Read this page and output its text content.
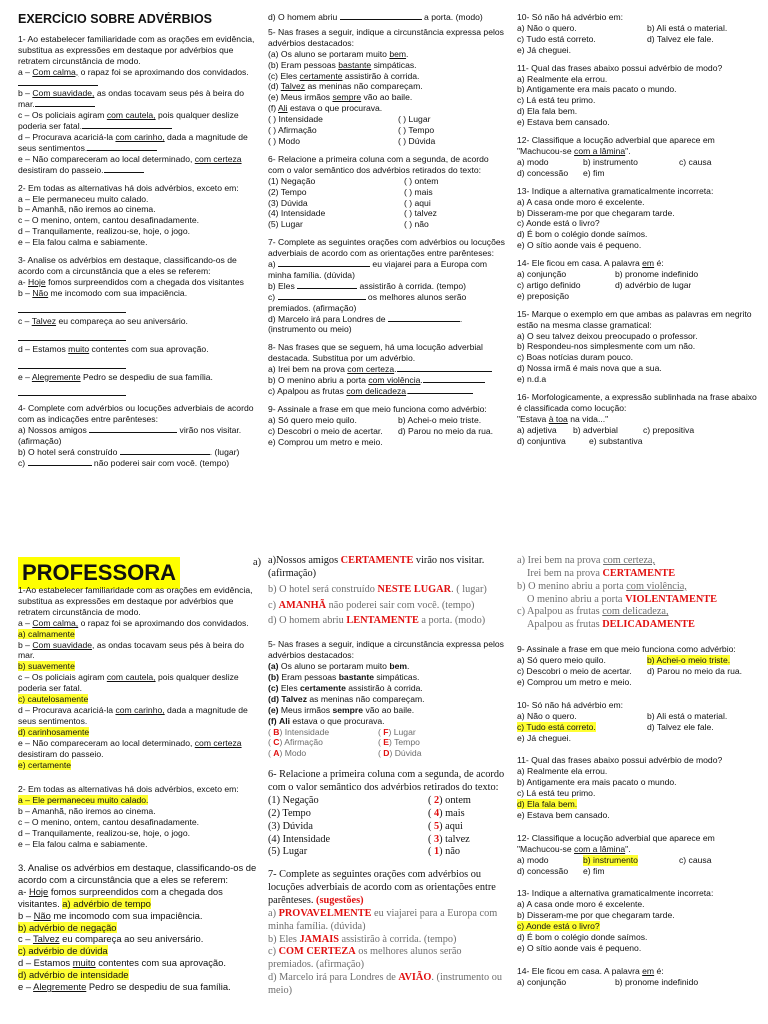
EXERCÍCIO SOBRE ADVÉRBIOS
1- Ao estabelecer familiaridade com as orações em evidência, substitua as expressões em destaque por advérbios que retratem circunstância de modo.
a – Com calma, o rapaz foi se aproximando dos convidados.
b – Com suavidade, as ondas tocavam seus pés à beira do mar.
c – Os policiais agiram com cautela, pois qualquer deslize poderia ser fatal.
d – Procurava acariciá-la com carinho, dada a magnitude de seus sentimentos.
e – Não compareceram ao local determinado, com certeza desistiram do passeio.
2- Em todas as alternativas há dois advérbios, exceto em:
a – Ele permaneceu muito calado.
b – Amanhã, não iremos ao cinema.
c – O menino, ontem, cantou desafinadamente.
d – Tranquilamente, realizou-se, hoje, o jogo.
e – Ela falou calma e sabiamente.
3- Analise os advérbios em destaque, classificando-os de acordo com a circunstância que a eles se referem:
a- Hoje fomos surpreendidos com a chegada dos visitantes
b – Não me incomodo com sua impaciência.
c – Talvez eu compareça ao seu aniversário.
d – Estamos muito contentes com sua aprovação.
e – Alegremente Pedro se despediu de sua família.
4- Complete com advérbios ou locuções adverbiais de acordo com as indicações entre parênteses:
a) Nossos amigos	virão nos visitar. (afirmação)
b) O hotel será construído	. (lugar)
c)	não poderei sair com você. (tempo)
d) O homem abriu	a porta. (modo)
5- Nas frases a seguir, indique a circunstância expressa pelos advérbios destacados:
(a) Os aluno se portaram muito bem.
(b) Eram pessoas bastante simpáticas.
(c) Eles certamente assistirão à corrida.
(d) Talvez as meninas não compareçam.
(e) Meus irmãos sempre vão ao baile.
(f) Ali estava o que procurava.
( ) Intensidade	( ) Lugar
( ) Afirmação	( ) Tempo
( ) Modo	( ) Dúvida
6- Relacione a primeira coluna com a segunda, de acordo com o valor semântico dos advérbios retirados do texto:
(1) Negação	( ) ontem
(2) Tempo	( ) mais
(3) Dúvida	( ) aqui
(4) Intensidade	( ) talvez
(5) Lugar	( ) não
7- Complete as seguintes orações com advérbios ou locuções adverbiais de acordo com as orientações entre parênteses:
a)	eu viajarei para a Europa com minha família. (dúvida)
b) Eles	assistirão à corrida. (tempo)
c)	os melhores alunos serão premiados. (afirmação)
d) Marcelo irá para Londres de	. (instrumento ou meio)
8- Nas frases que se seguem, há uma locução adverbial destacada. Substitua por um advérbio.
a) Irei bem na prova com certeza.
b) O menino abriu a porta com violência.
c) Apalpou as frutas com delicadeza.
9- Assinale a frase em que meio funciona como advérbio:
a) Só quero meio quilo.	b) Achei-o meio triste.
c) Descobri o meio de acertar.	d) Parou no meio da rua.
e) Comprou um metro e meio.
10- Só não há advérbio em:
a) Não o quero.	b) Ali está o material.
c) Tudo está correto.	d) Talvez ele fale.
e) Já cheguei.
11- Qual das frases abaixo possui advérbio de modo?
a) Realmente ela errou.
b) Antigamente era mais pacato o mundo.
c) Lá está teu primo.
d) Ela fala bem.
e) Estava bem cansado.
12- Classifique a locução adverbial que aparece em "Machucou-se com a lâmina".
a) modo	b) instrumento	c) causa
d) concessão	e) fim
13- Indique a alternativa gramaticalmente incorreta:
a) A casa onde moro é excelente.
b) Disseram-me por que chegaram tarde.
c) Aonde está o livro?
d) É bom o colégio donde saímos.
e) O sítio aonde vais é pequeno.
14- Ele ficou em casa. A palavra em é:
a) conjunção	b) pronome indefinido
c) artigo definido	d) advérbio de lugar
e) preposição
15- Marque o exemplo em que ambas as palavras em negrito estão na mesma classe gramatical:
a) O seu talvez deixou preocupado o professor.
b) Respondeu-nos simplesmente com um não.
c) Boas notícias duram pouco.
d) Nossa irmã é mais nova que a sua.
e) n.d.a
16- Morfologicamente, a expressão sublinhada na frase abaixo é classificada como locução:
"Estava à toa na vida..."
a) adjetiva	b) adverbial	c) prepositiva
d) conjuntiva	e) substantiva
PROFESSORA
1-Ao estabelecer familiaridade com as orações em evidência, substitua as expressões em destaque por advérbios que retratem circunstância de modo.
a – Com calma, o rapaz foi se aproximando dos convidados.
a) calmamente
b – Com suavidade, as ondas tocavam seus pés à beira do mar.
b) suavemente
c – Os policiais agiram com cautela, pois qualquer deslize poderia ser fatal.
c) cautelosamente
d – Procurava acariciá-la com carinho, dada a magnitude de seus sentimentos.
d) carinhosamente
e – Não compareceram ao local determinado, com certeza desistiram do passeio.
e) certamente
2- Em todas as alternativas há dois advérbios, exceto em:
a – Ele permaneceu muito calado.
b – Amanhã, não iremos ao cinema.
c – O menino, ontem, cantou desafinadamente.
d – Tranquilamente, realizou-se, hoje, o jogo.
e – Ela falou calma e sabiamente.
3. Analise os advérbios em destaque, classificando-os de acordo com a circunstância que a eles se referem:
a- Hoje fomos surpreendidos com a chegada dos visitantes. a) advérbio de tempo
b – Não me incomodo com sua impaciência.
b) advérbio de negação
c – Talvez eu compareça ao seu aniversário.
c) advérbio de dúvida
d – Estamos muito contentes com sua aprovação.
d) advérbio de intensidade
e – Alegremente Pedro se despediu de sua família.
a) a)Nossos amigos CERTAMENTE virão nos visitar. (afirmação)
b) O hotel será construído NESTE LUGAR. ( lugar)
c) AMANHÃ não poderei sair com você. (tempo)
d) O homem abriu LENTAMENTE a porta. (modo)
5- Nas frases a seguir, indique a circunstância expressa pelos advérbios destacados:
(a) Os aluno se portaram muito bem.
(b) Eram pessoas bastante simpáticas.
(c) Eles certamente assistirão à corrida.
(d) Talvez as meninas não compareçam.
(e) Meus irmãos sempre vão ao baile.
(f) Ali estava o que procurava.
( B) Intensidade	( F) Lugar
( C) Afirmação	( E) Tempo
( A) Modo	( D) Dúvida
6- Relacione a primeira coluna com a segunda, de acordo com o valor semântico dos advérbios retirados do texto:
(1) Negação	( 2) ontem
(2) Tempo	( 4) mais
(3) Dúvida	( 5) aqui
(4) Intensidade	( 3) talvez
(5) Lugar	( 1) não
7- Complete as seguintes orações com advérbios ou locuções adverbiais de acordo com as orientações entre parênteses. (sugestões)
a) PROVAVELMENTE eu viajarei para a Europa com minha família. (dúvida)
b) Eles JAMAIS assistirão à corrida. (tempo)
c) COM CERTEZA os melhores alunos serão premiados. (afirmação)
d) Marcelo irá para Londres de AVIÃO. (instrumento ou meio)
a) Irei bem na prova com certeza,
Irei bem na prova CERTAMENTE
b) O menino abriu a porta com violência,
O menino abriu a porta VIOLENTAMENTE
c) Apalpou as frutas com delicadeza,
Apalpou as frutas DELICADAMENTE
9- Assinale a frase em que meio funciona como advérbio:
a) Só quero meio quilo.	b) Achei-o meio triste.
c) Descobri o meio de acertar.	d) Parou no meio da rua.
e) Comprou um metro e meio.
10- Só não há advérbio em:
a) Não o quero.	b) Ali está o material.
c) Tudo está correto.	d) Talvez ele fale.
e) Já cheguei.
11- Qual das frases abaixo possui advérbio de modo?
a) Realmente ela errou.
b) Antigamente era mais pacato o mundo.
c) Lá está teu primo.
d) Ela fala bem.
e) Estava bem cansado.
12- Classifique a locução adverbial que aparece em "Machucou-se com a lâmina".
a) modo	b) instrumento	c) causa
d) concessão	e) fim
13- Indique a alternativa gramaticalmente incorreta:
a) A casa onde moro é excelente.
b) Disseram-me por que chegaram tarde.
c) Aonde está o livro?
d) É bom o colégio donde saímos.
e) O sítio aonde vais é pequeno.
14- Ele ficou em casa. A palavra em é:
a) conjunção	b) pronome indefinido
